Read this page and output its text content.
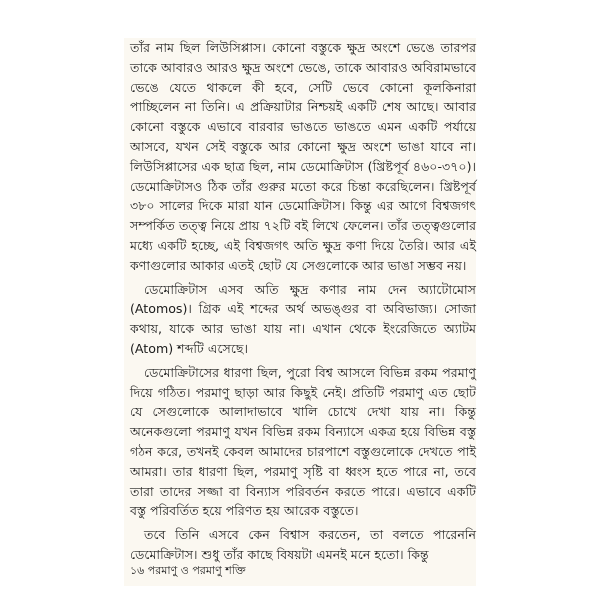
তাঁর নাম ছিল লিউসিপ্পাস। কোনো বস্তুকে ক্ষুদ্র অংশে ভেঙে তারপর তাকে আবারও আরও ক্ষুদ্র অংশে ভেঙে, তাকে আবারও অবিরামভাবে ভেঙে যেতে থাকলে কী হবে, সেটি ভেবে কোনো কূলকিনারা পাচ্ছিলেন না তিনি। এ প্রক্রিয়াটার নিশ্চয়ই একটি শেষ আছে। আবার কোনো বস্তুকে এভাবে বারবার ভাঙতে ভাঙতে এমন একটি পর্যায়ে আসবে, যখন সেই বস্তুকে আর কোনো ক্ষুদ্র অংশে ভাঙা যাবে না। লিউসিপ্পাসের এক ছাত্র ছিল, নাম ডেমোক্রিটাস (খ্রিষ্টপূর্ব ৪৬০-৩৭০)। ডেমোক্রিটাসও ঠিক তাঁর গুরুর মতো করে চিন্তা করেছিলেন। খ্রিষ্টপূর্ব ৩৮০ সালের দিকে মারা যান ডেমোক্রিটাস। কিন্তু এর আগে বিশ্বজগৎ সম্পর্কিত তত্ত্ব নিয়ে প্রায় ৭২টি বই লিখে ফেলেন। তাঁর তত্ত্বগুলোর মধ্যে একটি হচ্ছে, এই বিশ্বজগৎ অতি ক্ষুদ্র কণা দিয়ে তৈরি। আর এই কণাগুলোর আকার এতই ছোট যে সেগুলোকে আর ভাঙা সম্ভব নয়।

ডেমোক্রিটাস এসব অতি ক্ষুদ্র কণার নাম দেন অ্যাটোমোস (Atomos)। গ্রিক এই শব্দের অর্থ অভঙ্গুর বা অবিভাজ্য। সোজা কথায়, যাকে আর ভাঙা যায় না। এখান থেকে ইংরেজিতে অ্যাটম (Atom) শব্দটি এসেছে।

ডেমোক্রিটাসের ধারণা ছিল, পুরো বিশ্ব আসলে বিভিন্ন রকম পরমাণু দিয়ে গঠিত। পরমাণু ছাড়া আর কিছুই নেই। প্রতিটি পরমাণু এত ছোট যে সেগুলোকে আলাদাভাবে খালি চোখে দেখা যায় না। কিন্তু অনেকগুলো পরমাণু যখন বিভিন্ন রকম বিন্যাসে একত্র হয়ে বিভিন্ন বস্তু গঠন করে, তখনই কেবল আমাদের চারপাশে বস্তুগুলোকে দেখতে পাই আমরা। তার ধারণা ছিল, পরমাণু সৃষ্টি বা ধ্বংস হতে পারে না, তবে তারা তাদের সজ্জা বা বিন্যাস পরিবর্তন করতে পারে। এভাবে একটি বস্তু পরিবর্তিত হয়ে পরিণত হয় আরেক বস্তুতে।

তবে তিনি এসবে কেন বিশ্বাস করতেন, তা বলতে পারেননি ডেমোক্রিটাস। শুধু তাঁর কাছে বিষয়টা এমনই মনে হতো। কিন্তু

১৬ পরমাণু ও পরমাণু শক্তি
